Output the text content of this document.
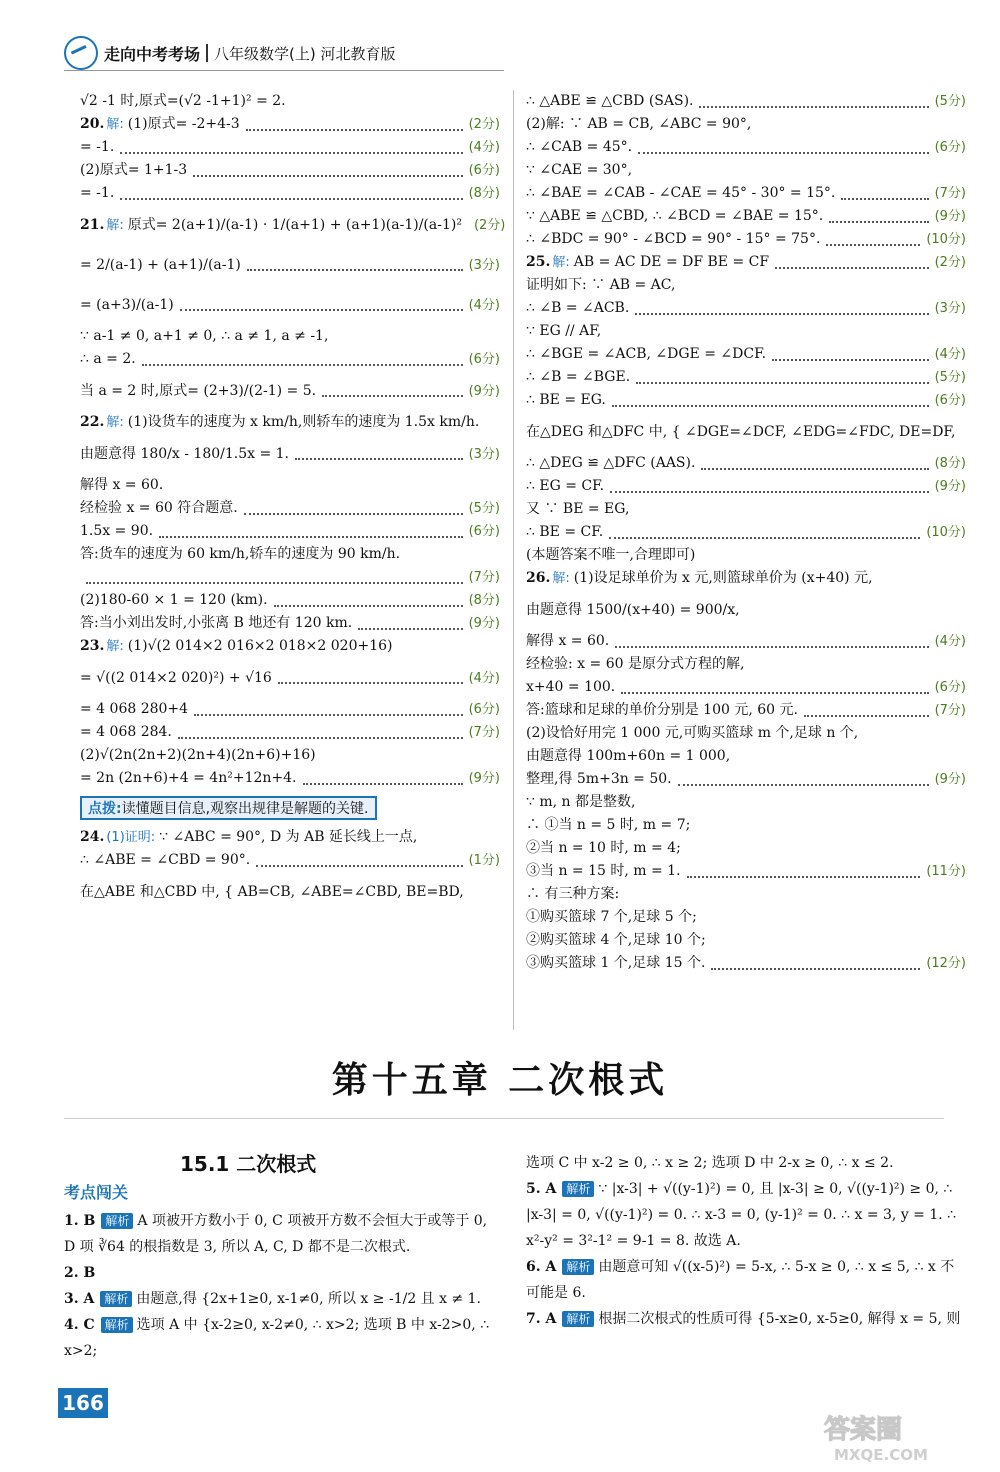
走向中考考场 八年级数学(上) 河北教育版
√2 -1 时,原式=(√2 -1+1)² = 2.
20. 解: (1)原式= -2+4-3	(2分)
= -1.	(4分)
(2)原式= 1+1-3	(6分)
= -1.	(8分)
21. 解: 原式= 2(a+1)/(a-1) · 1/(a+1) + (a+1)(a-1)/(a-1)² (2分)
= 2/(a-1) + (a+1)/(a-1)	(3分)
= (a+3)/(a-1)	(4分)
∵ a-1 ≠ 0, a+1 ≠ 0, ∴ a ≠ 1, a ≠ -1,
∴ a = 2.	(6分)
当 a = 2 时,原式= (2+3)/(2-1) = 5.	(9分)
22. 解: (1)设货车的速度为 x km/h,则轿车的速度为 1.5x km/h.
由题意得 180/x - 180/1.5x = 1.	(3分)
解得 x = 60.
经检验 x = 60 符合题意.	(5分)
1.5x = 90.	(6分)
答:货车的速度为 60 km/h,轿车的速度为 90 km/h.
(7分)
(2)180-60 × 1 = 120 (km).	(8分)
答:当小刘出发时,小张离 B 地还有 120 km.	(9分)
23. 解: (1)√(2 014×2 016×2 018×2 020+16)
= √((2 014×2 020)²) + √16	(4分)
= 4 068 280+4	(6分)
= 4 068 284.	(7分)
(2)√(2n(2n+2)(2n+4)(2n+6)+16)
= 2n (2n+6)+4 = 4n²+12n+4.	(9分)
点拨:读懂题目信息,观察出规律是解题的关键.
24. (1)证明: ∵ ∠ABC = 90°, D 为 AB 延长线上一点,
∴ ∠ABE = ∠CBD = 90°.	(1分)
在△ABE 和△CBD 中, { AB=CB, ∠ABE=∠CBD, BE=BD,
∴ △ABE ≌ △CBD (SAS).	(5分)
(2)解: ∵ AB = CB, ∠ABC = 90°,
∴ ∠CAB = 45°.	(6分)
∵ ∠CAE = 30°,
∴ ∠BAE = ∠CAB - ∠CAE = 45° - 30° = 15°.	(7分)
∵ △ABE ≌ △CBD, ∴ ∠BCD = ∠BAE = 15°.	(9分)
∴ ∠BDC = 90° - ∠BCD = 90° - 15° = 75°.	(10分)
25. 解: AB = AC DE = DF BE = CF	(2分)
证明如下: ∵ AB = AC,
∴ ∠B = ∠ACB.	(3分)
∵ EG // AF,
∴ ∠BGE = ∠ACB, ∠DGE = ∠DCF.	(4分)
∴ ∠B = ∠BGE.	(5分)
∴ BE = EG.	(6分)
在△DEG 和△DFC 中, { ∠DGE=∠DCF, ∠EDG=∠FDC, DE=DF,
∴ △DEG ≌ △DFC (AAS).	(8分)
∴ EG = CF.	(9分)
又 ∵ BE = EG,
∴ BE = CF.	(10分)
(本题答案不唯一,合理即可)
26. 解: (1)设足球单价为 x 元,则篮球单价为 (x+40) 元,
由题意得 1500/(x+40) = 900/x,
解得 x = 60.	(4分)
经检验: x = 60 是原分式方程的解,
x+40 = 100.	(6分)
答:篮球和足球的单价分别是 100 元, 60 元.	(7分)
(2)设恰好用完 1 000 元,可购买篮球 m 个,足球 n 个,
由题意得 100m+60n = 1 000,
整理,得 5m+3n = 50.	(9分)
∵ m, n 都是整数,
∴ ①当 n = 5 时, m = 7;
②当 n = 10 时, m = 4;
③当 n = 15 时, m = 1.	(11分)
∴ 有三种方案:
①购买篮球 7 个,足球 5 个;
②购买篮球 4 个,足球 10 个;
③购买篮球 1 个,足球 15 个.	(12分)
第十五章 二次根式
15.1 二次根式
考点闯关
1. B 解析 A 项被开方数小于 0, C 项被开方数不会恒大于或等于 0, D 项 ∛64 的根指数是 3, 所以 A, C, D 都不是二次根式.
2. B
3. A 解析 由题意,得 {2x+1≥0, x-1≠0, 所以 x ≥ -1/2 且 x ≠ 1.
4. C 解析 选项 A 中 {x-2≥0, x-2≠0, ∴ x>2; 选项 B 中 x-2>0, ∴ x>2;
选项 C 中 x-2 ≥ 0, ∴ x ≥ 2; 选项 D 中 2-x ≥ 0, ∴ x ≤ 2.
5. A 解析 ∵ |x-3| + √((y-1)²) = 0, 且 |x-3| ≥ 0, √((y-1)²) ≥ 0, ∴ |x-3| = 0, √((y-1)²) = 0. ∴ x-3 = 0, (y-1)² = 0. ∴ x = 3, y = 1. ∴ x²-y² = 3²-1² = 9-1 = 8. 故选 A.
6. A 解析 由题意可知 √((x-5)²) = 5-x, ∴ 5-x ≥ 0, ∴ x ≤ 5, ∴ x 不可能是 6.
7. A 解析 根据二次根式的性质可得 {5-x≥0, x-5≥0, 解得 x = 5, 则
166
答案圈
MXQE.COM
